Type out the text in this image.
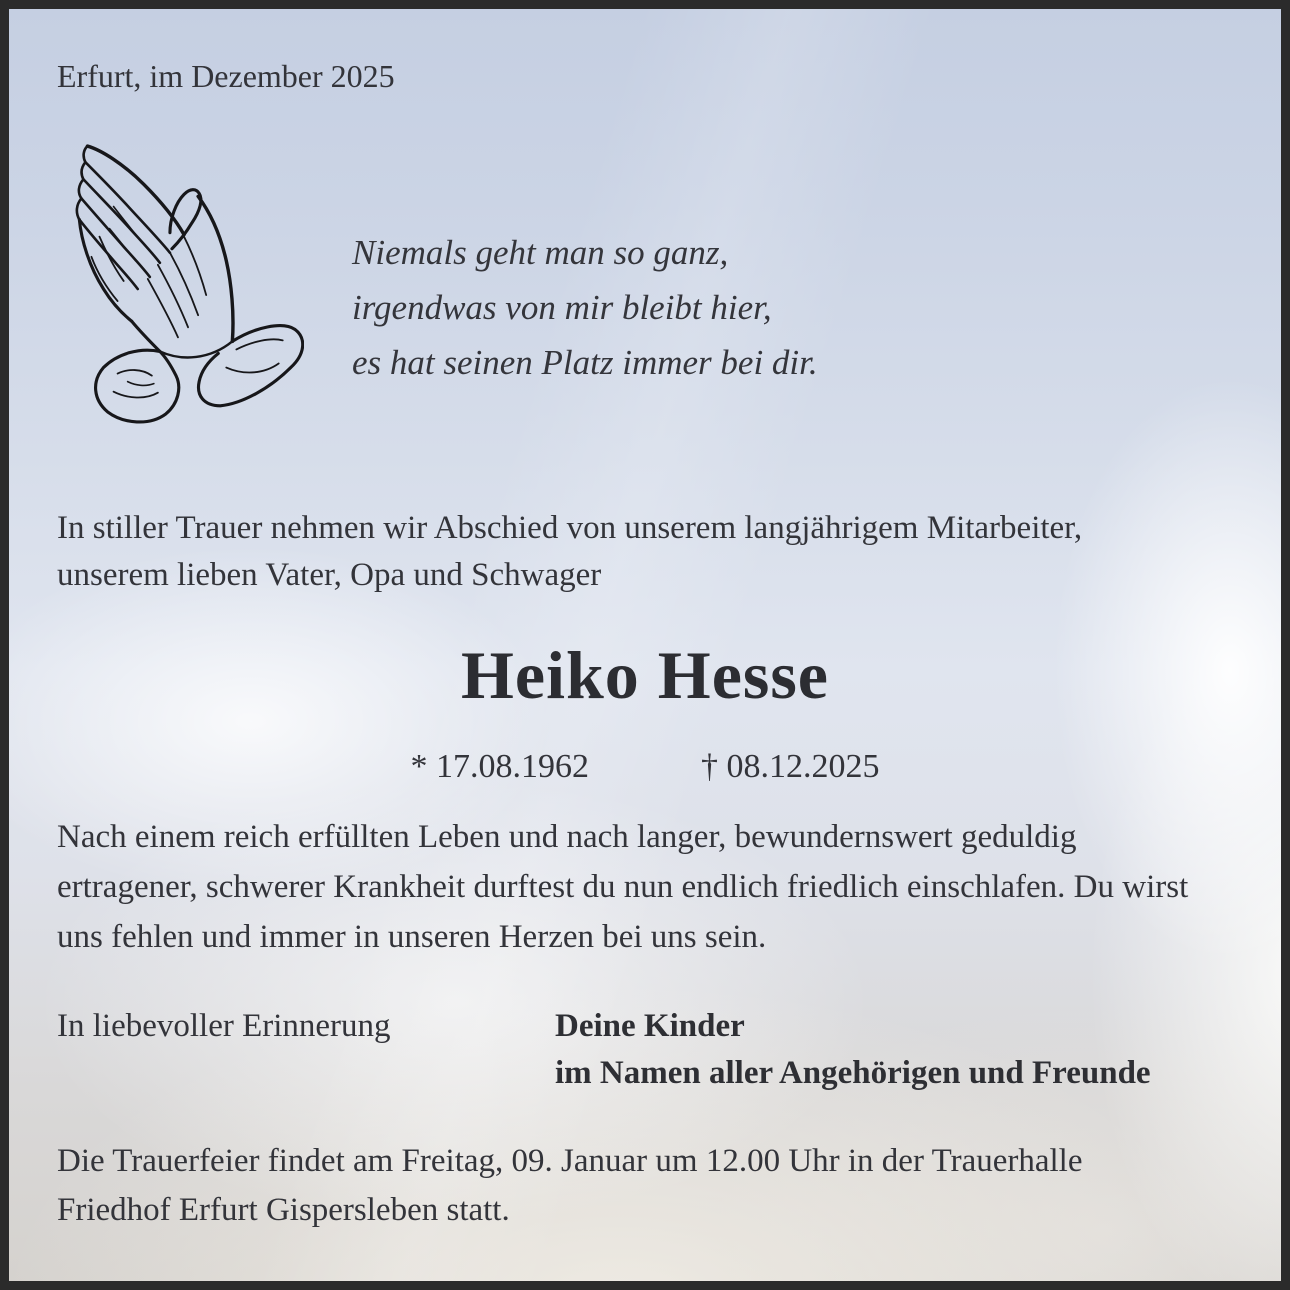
Erfurt, im Dezember 2025
Niemals geht man so ganz,
irgendwas von mir bleibt hier,
es hat seinen Platz immer bei dir.
In stiller Trauer nehmen wir Abschied von unserem langjährigem Mitarbeiter,
unserem lieben Vater, Opa und Schwager
Heiko Hesse
* 17.08.1962	† 08.12.2025
Nach einem reich erfüllten Leben und nach langer, bewundernswert geduldig
ertragener, schwerer Krankheit durftest du nun endlich friedlich einschlafen. Du wirst
uns fehlen und immer in unseren Herzen bei uns sein.
In liebevoller Erinnerung	Deine Kinder
im Namen aller Angehörigen und Freunde
Die Trauerfeier findet am Freitag, 09. Januar um 12.00 Uhr in der Trauerhalle
Friedhof Erfurt Gispersleben statt.
